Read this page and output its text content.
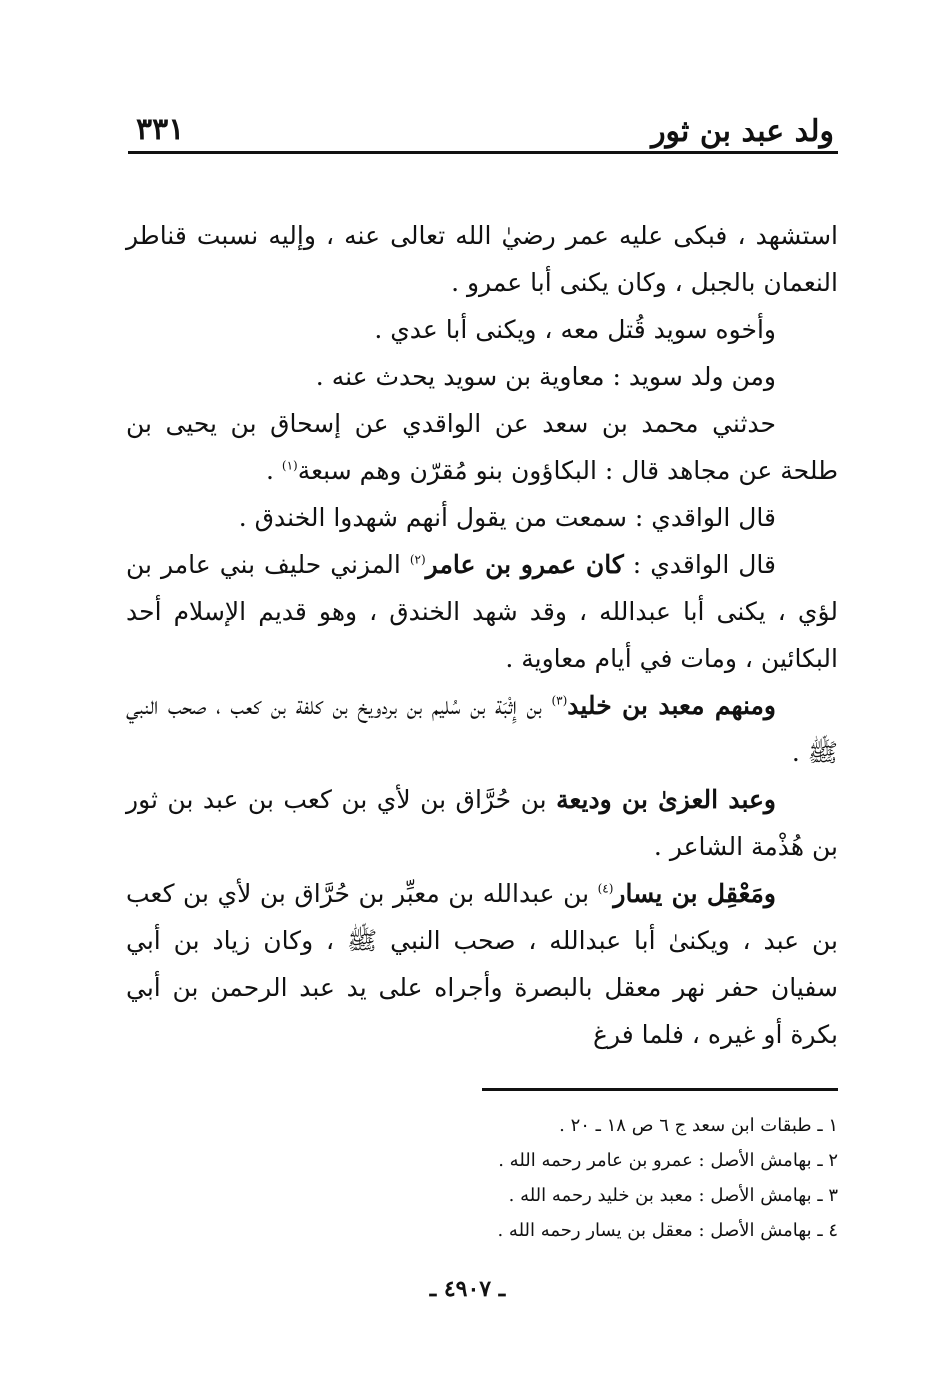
ولد عبد بن ثور
٣٣١

استشهد ، فبكى عليه عمر رضيٰ الله تعالى عنه ، وإليه نسبت قناطر النعمان بالجبل ، وكان يكنى أبا عمرو .

وأخوه سويد قُتل معه ، ويكنى أبا عدي .

ومن ولد سويد : معاوية بن سويد يحدث عنه .

حدثني محمد بن سعد عن الواقدي عن إسحاق بن يحيى بن طلحة عن مجاهد قال : البكاؤون بنو مُقرّن وهم سبعة$^{(١)}$ .

قال الواقدي : سمعت من يقول أنهم شهدوا الخندق .

قال الواقدي : كان عمرو بن عامر$^{(٢)}$ المزني حليف بني عامر بن لؤي ، يكنى أبا عبدالله ، وقد شهد الخندق ، وهو قديم الإسلام أحد البكائين ، ومات في أيام معاوية .

ومنهم معبد بن خليد$^{(٣)}$ بن إِثْبَة بن سُليم بن بردويخ بن كلفة بن كعب ، صحب النبي ﷺ .

وعبد العزىٰ بن وديعة بن حُرَّاق بن لأي بن كعب بن عبد بن ثور بن هُذْمة الشاعر .

ومَعْقِل بن يسار$^{(٤)}$ بن عبدالله بن معبِّر بن حُرَّاق بن لأي بن كعب بن عبد ، ويكنىٰ أبا عبدالله ، صحب النبي ﷺ ، وكان زياد بن أبي سفيان حفر نهر معقل بالبصرة وأجراه على يد عبد الرحمن بن أبي بكرة أو غيره ، فلما فرغ

١ ـ طبقات ابن سعد ج ٦ ص ١٨ ـ ٢٠ .
٢ ـ بهامش الأصل : عمرو بن عامر رحمه الله .
٣ ـ بهامش الأصل : معبد بن خليد رحمه الله .
٤ ـ بهامش الأصل : معقل بن يسار رحمه الله .
ـ ٤٩٠٧ ـ
